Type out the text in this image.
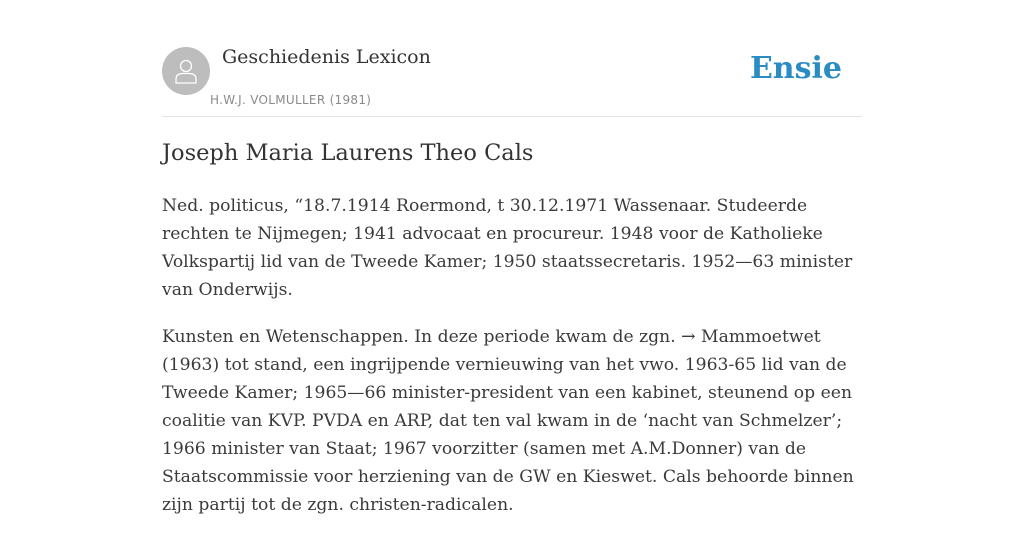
Geschiedenis Lexicon
H.W.J. VOLMULLER (1981)
Ensie
Joseph Maria Laurens Theo Cals

Ned. politicus, “18.7.1914 Roermond, t 30.12.1971 Wassenaar. Studeerde rechten te Nijmegen; 1941 advocaat en procureur. 1948 voor de Katholieke Volkspartij lid van de Tweede Kamer; 1950 staatssecretaris. 1952—63 minister van Onderwijs.

Kunsten en Wetenschappen. In deze periode kwam de zgn. → Mammoetwet (1963) tot stand, een ingrijpende vernieuwing van het vwo. 1963-65 lid van de Tweede Kamer; 1965—66 minister-president van een kabinet, steunend op een coalitie van KVP. PVDA en ARP, dat ten val kwam in de ‘nacht van Schmelzer’; 1966 minister van Staat; 1967 voorzitter (samen met A.M.Donner) van de Staatscommissie voor herziening van de GW en Kieswet. Cals behoorde binnen zijn partij tot de zgn. christen-radicalen.
